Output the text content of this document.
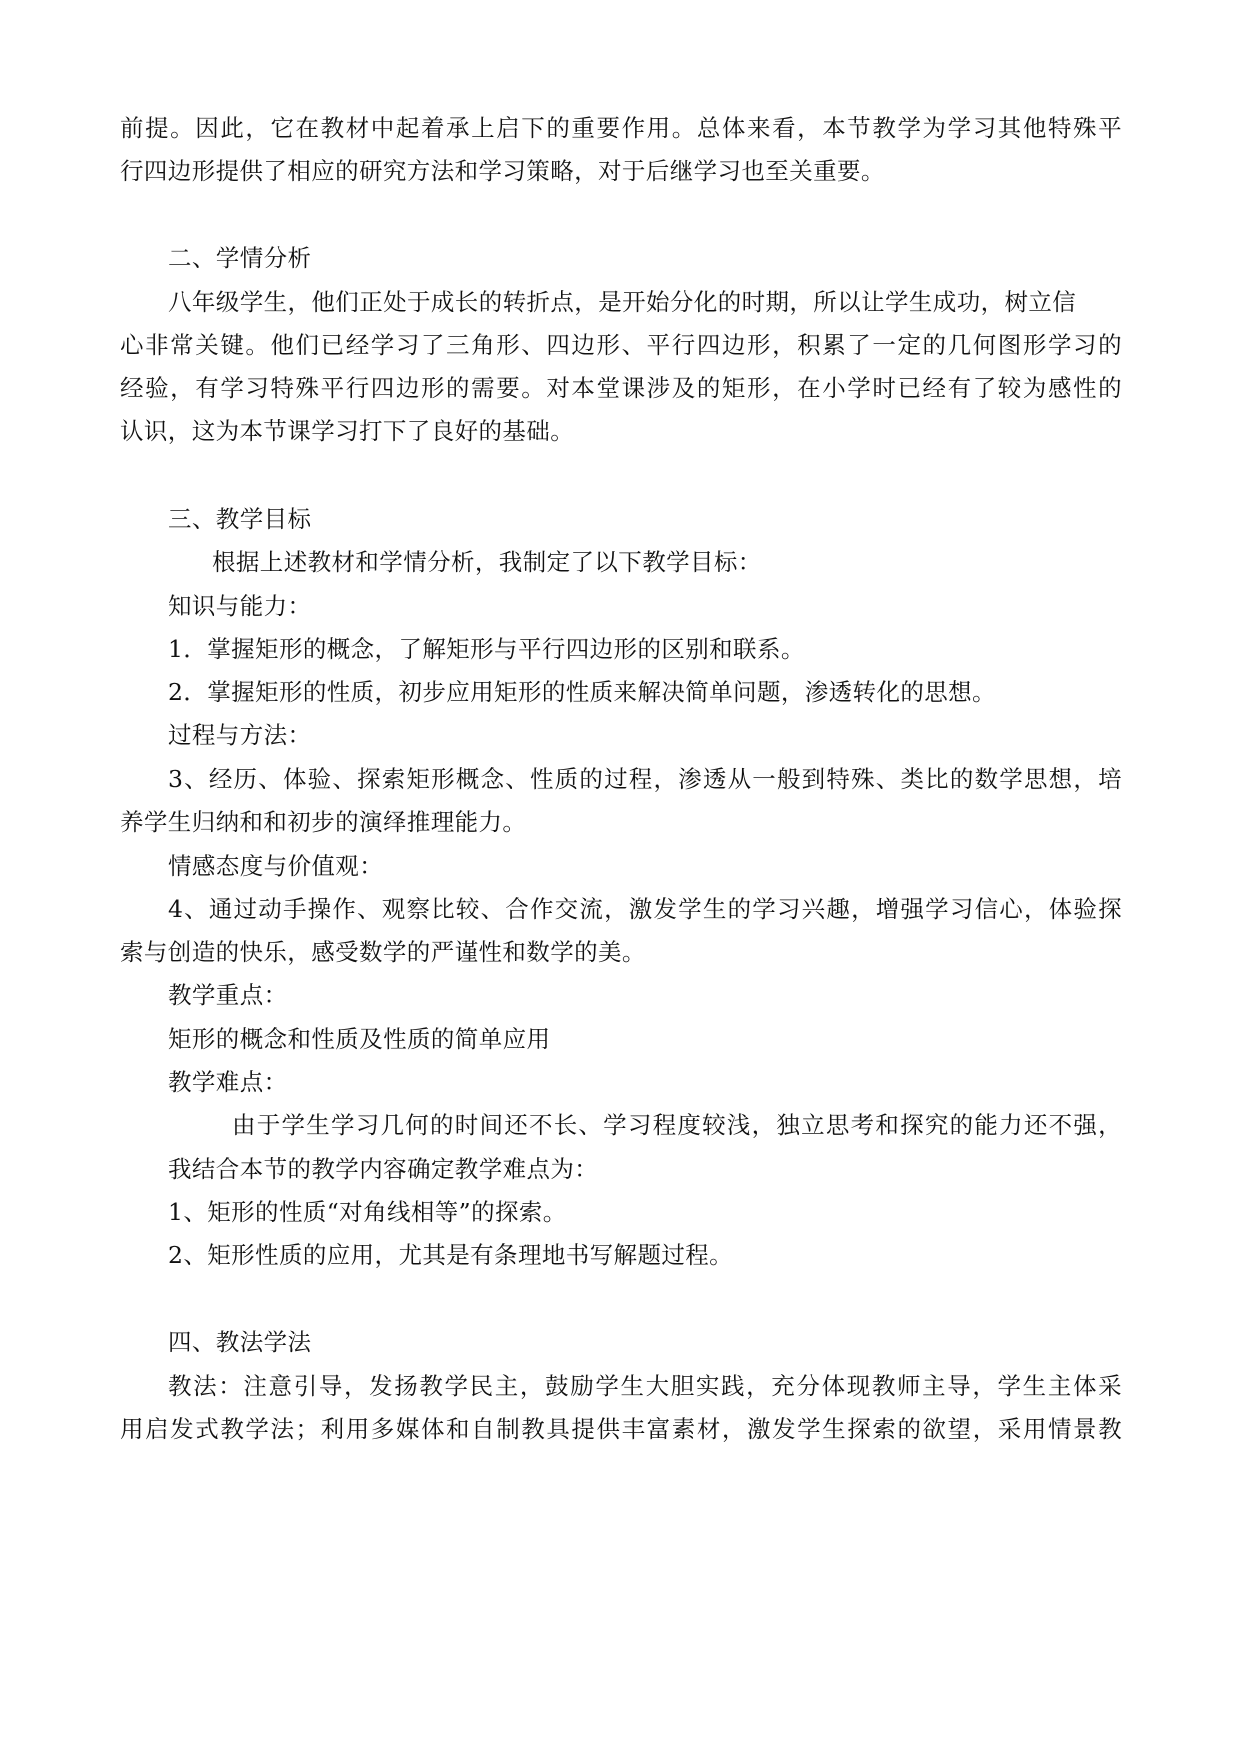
前提。因此，它在教材中起着承上启下的重要作用。总体来看，本节教学为学习其他特殊平
行四边形提供了相应的研究方法和学习策略，对于后继学习也至关重要。
二、学情分析
八年级学生，他们正处于成长的转折点，是开始分化的时期，所以让学生成功，树立信
心非常关键。他们已经学习了三角形、四边形、平行四边形，积累了一定的几何图形学习的
经验，有学习特殊平行四边形的需要。对本堂课涉及的矩形，在小学时已经有了较为感性的
认识，这为本节课学习打下了良好的基础。
三、教学目标
根据上述教材和学情分析，我制定了以下教学目标：
知识与能力：
1．掌握矩形的概念，了解矩形与平行四边形的区别和联系。
2．掌握矩形的性质，初步应用矩形的性质来解决简单问题，渗透转化的思想。
过程与方法：
3、经历、体验、探索矩形概念、性质的过程，渗透从一般到特殊、类比的数学思想，培
养学生归纳和和初步的演绎推理能力。
情感态度与价值观：
4、通过动手操作、观察比较、合作交流，激发学生的学习兴趣，增强学习信心，体验探
索与创造的快乐，感受数学的严谨性和数学的美。
教学重点：
矩形的概念和性质及性质的简单应用
教学难点：
由于学生学习几何的时间还不长、学习程度较浅，独立思考和探究的能力还不强，
我结合本节的教学内容确定教学难点为：
1、矩形的性质“对角线相等”的探索。
2、矩形性质的应用，尤其是有条理地书写解题过程。
四、教法学法
教法：注意引导，发扬教学民主，鼓励学生大胆实践，充分体现教师主导，学生主体采
用启发式教学法；利用多媒体和自制教具提供丰富素材，激发学生探索的欲望，采用情景教
